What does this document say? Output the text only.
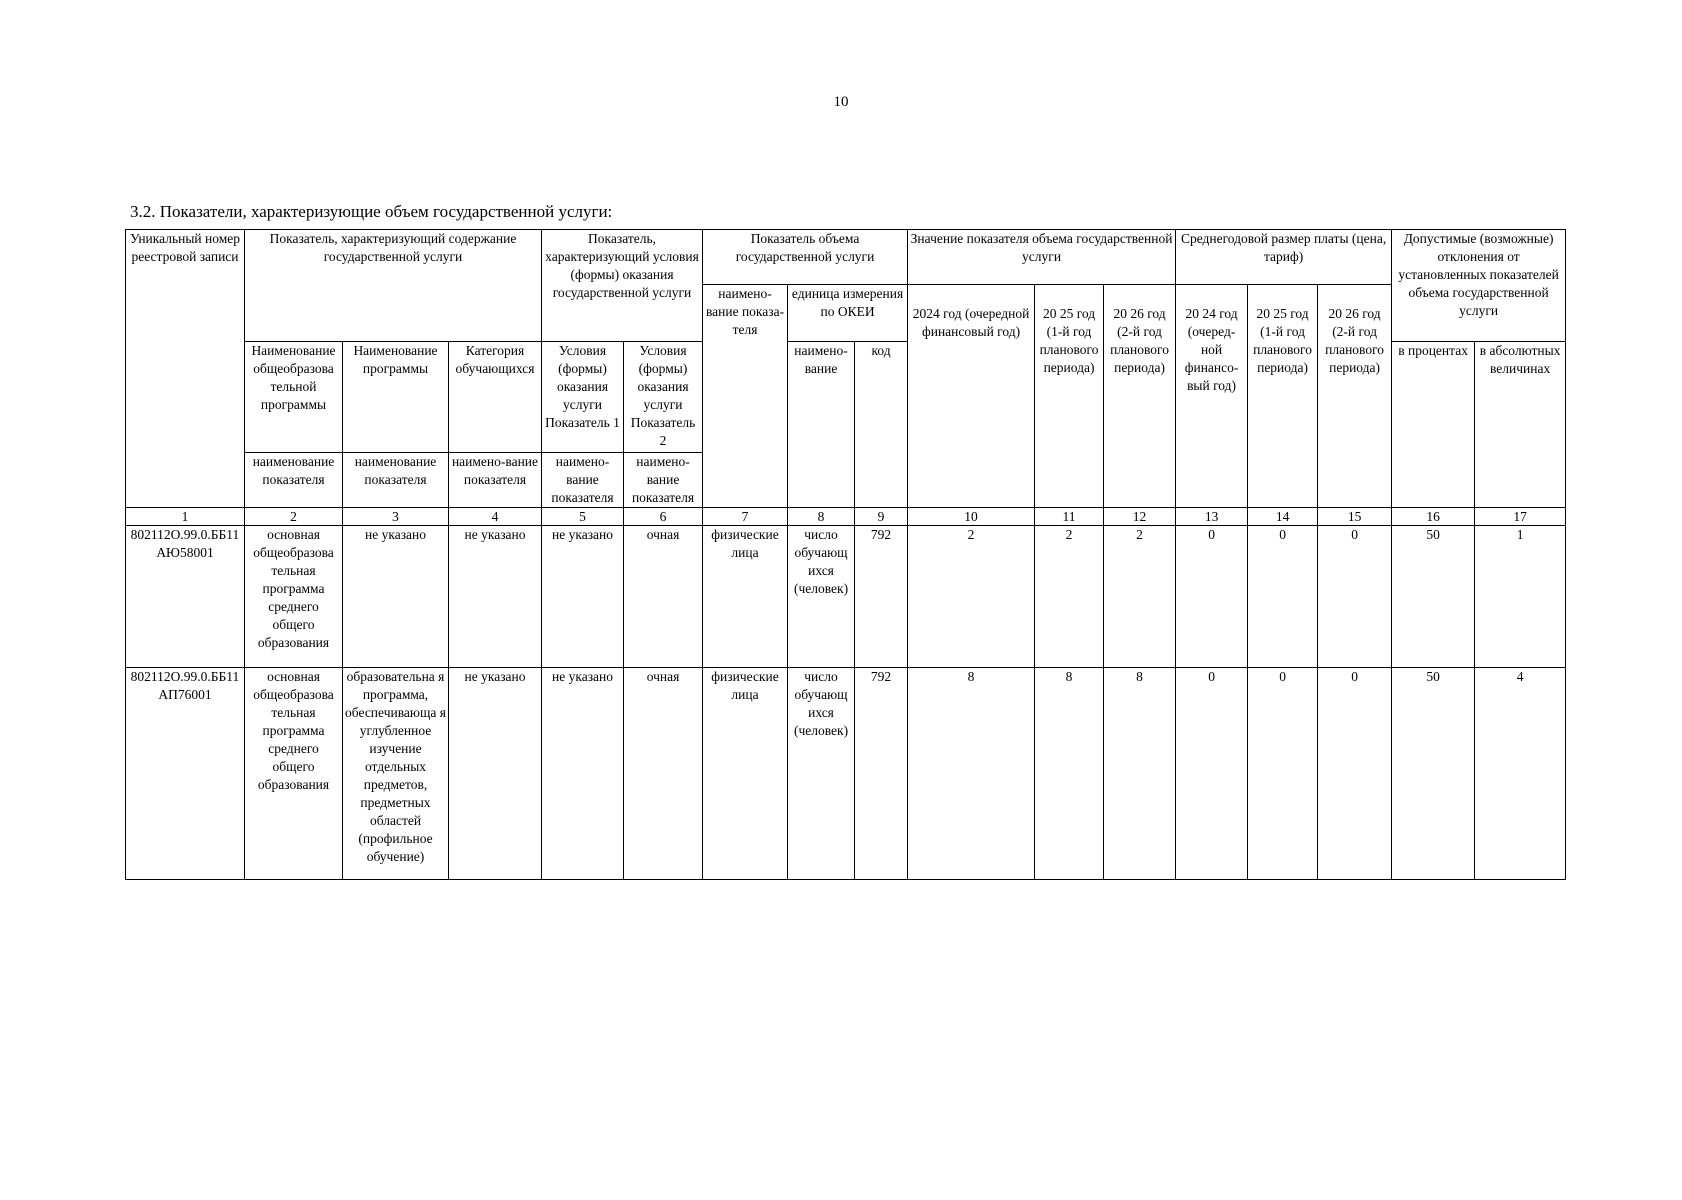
10
3.2. Показатели, характеризующие объем государственной услуги:
Уникальный номер реестровой записи	Показатель, характеризующий содержание государственной услуги			Показатель, характеризующий условия (формы) оказания государственной услуги		Показатель объема государственной услуги			Значение показателя объема государственной услуги			Среднегодовой размер платы (цена, тариф)			Допустимые (возможные) отклонения от установленных показателей объема государственной услуги	
						наимено-вание показа-теля	единица измерения по ОКЕИ		2024 год (очередной финансовый год)	20 25 год (1-й год планового периода)	20 26 год (2-й год планового периода)	20 24 год (очеред-ной финансо-вый год)	20 25 год (1-й год планового периода)	20 26 год (2-й год планового периода)		
	Наименование общеобразова тельной программы	Наименование программы	Категория обучающихся	Условия (формы) оказания услуги Показатель 1	Условия (формы) оказания услуги Показатель 2		наимено-вание	код							в процентах	в абсолютных величинах
	наименование показателя	наименование показателя	наимено-вание показателя	наимено-вание показателя	наимено-вание показателя											
1	2	3	4	5	6	7	8	9	10	11	12	13	14	15	16	17
802112О.99.0.ББ11АЮ58001	основная общеобразова тельная программа среднего общего образования	не указано	не указано	не указано	очная	физические лица	число обучающ ихся (человек)	792	2	2	2	0	0	0	50	1
802112О.99.0.ББ11АП76001	основная общеобразова тельная программа среднего общего образования	образовательна я программа, обеспечивающа я углубленное изучение отдельных предметов, предметных областей (профильное обучение)	не указано	не указано	очная	физические лица	число обучающ ихся (человек)	792	8	8	8	0	0	0	50	4
